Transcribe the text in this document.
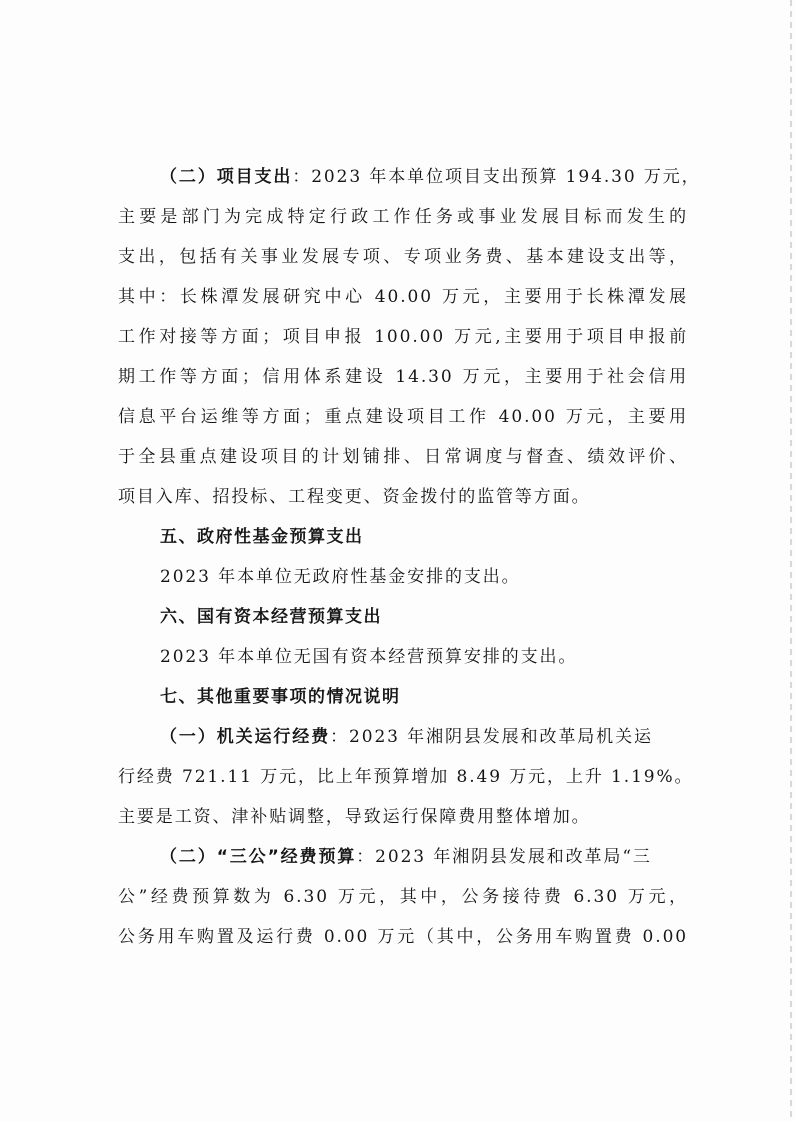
（二）项目支出：2023 年本单位项目支出预算 194.30 万元，
主要是部门为完成特定行政工作任务或事业发展目标而发生的
支出，包括有关事业发展专项、专项业务费、基本建设支出等，
其中：长株潭发展研究中心 40.00 万元，主要用于长株潭发展
工作对接等方面；项目申报 100.00 万元,主要用于项目申报前
期工作等方面；信用体系建设 14.30 万元，主要用于社会信用
信息平台运维等方面；重点建设项目工作 40.00 万元，主要用
于全县重点建设项目的计划铺排、日常调度与督查、绩效评价、
项目入库、招投标、工程变更、资金拨付的监管等方面。
五、政府性基金预算支出
2023 年本单位无政府性基金安排的支出。
六、国有资本经营预算支出
2023 年本单位无国有资本经营预算安排的支出。
七、其他重要事项的情况说明
（一）机关运行经费：2023 年湘阴县发展和改革局机关运
行经费 721.11 万元，比上年预算增加 8.49 万元，上升 1.19%。
主要是工资、津补贴调整，导致运行保障费用整体增加。
（二）“三公”经费预算：2023 年湘阴县发展和改革局“三
公”经费预算数为 6.30 万元，其中，公务接待费 6.30 万元，
公务用车购置及运行费 0.00 万元（其中，公务用车购置费 0.00
